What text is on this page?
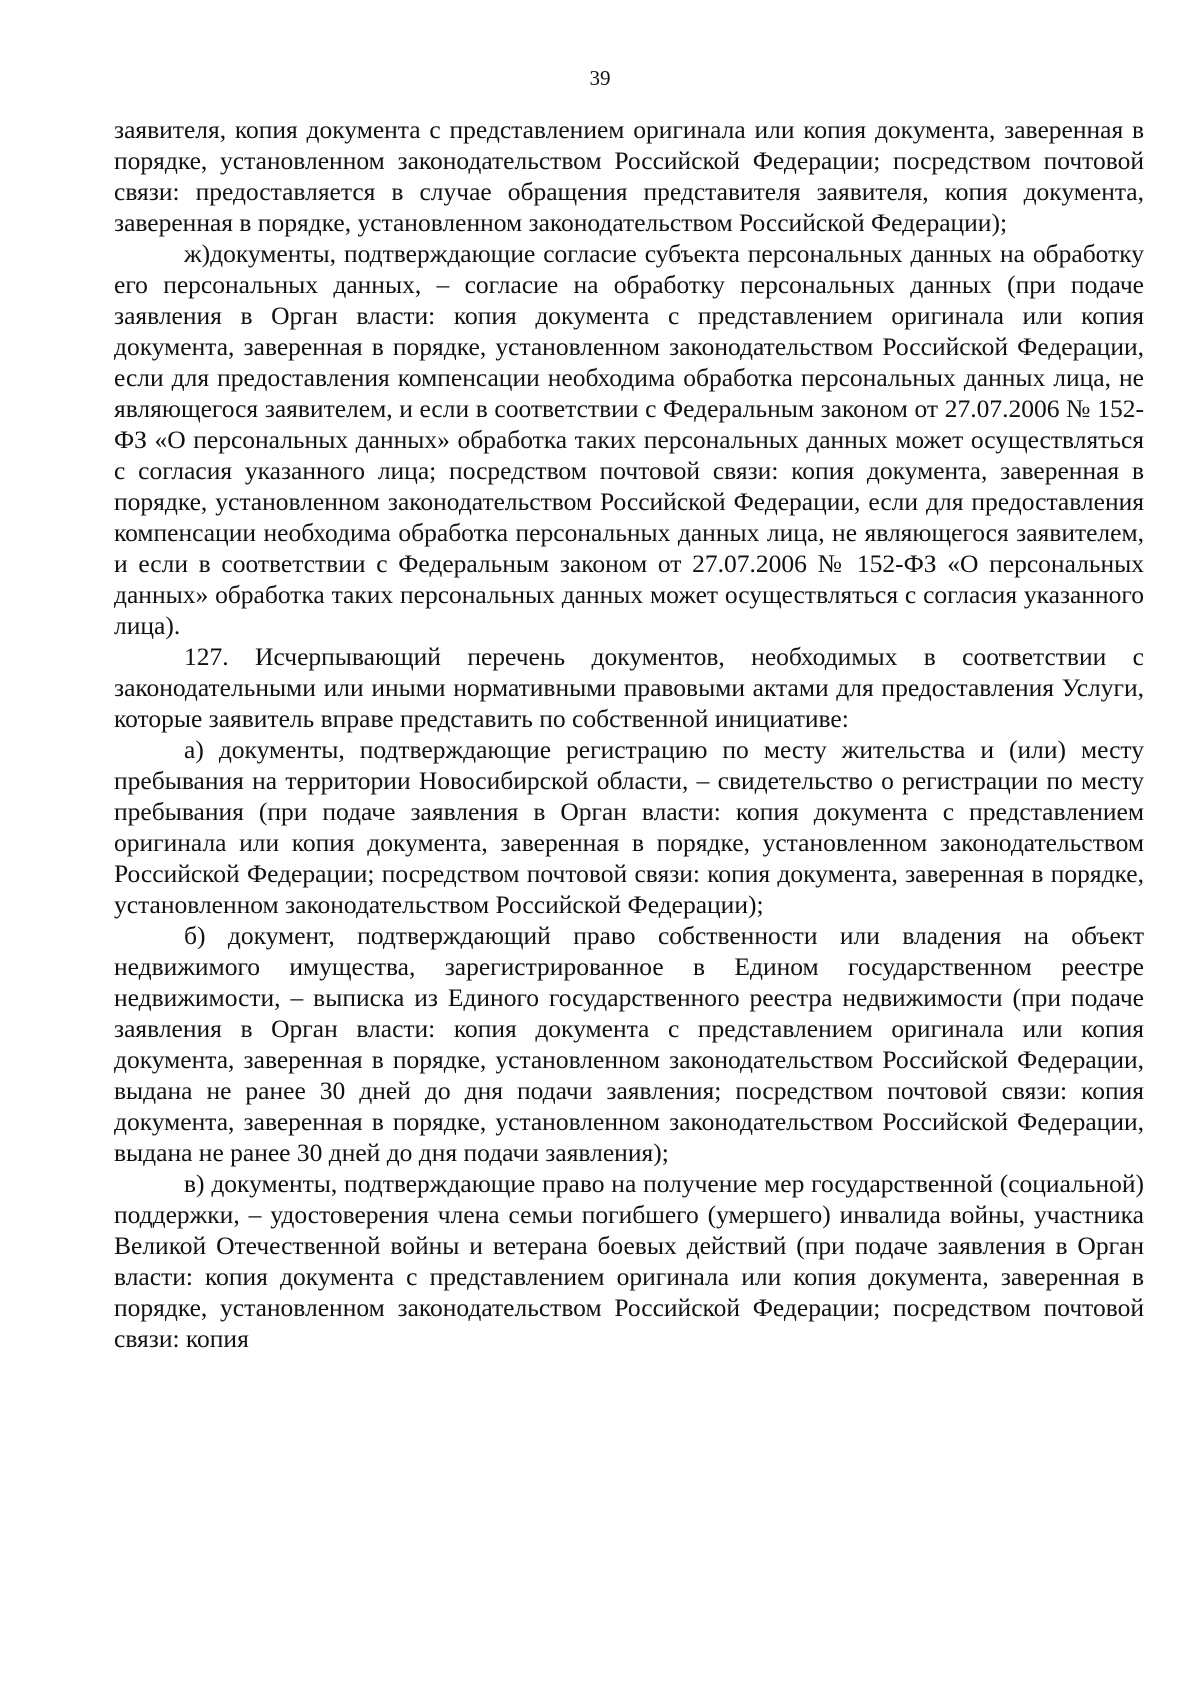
39

заявителя, копия документа с представлением оригинала или копия документа, заверенная в порядке, установленном законодательством Российской Федерации; посредством почтовой связи: предоставляется в случае обращения представителя заявителя, копия документа, заверенная в порядке, установленном законодательством Российской Федерации);

ж)документы, подтверждающие согласие субъекта персональных данных на обработку его персональных данных, – согласие на обработку персональных данных (при подаче заявления в Орган власти: копия документа с представлением оригинала или копия документа, заверенная в порядке, установленном законодательством Российской Федерации, если для предоставления компенсации необходима обработка персональных данных лица, не являющегося заявителем, и если в соответствии с Федеральным законом от 27.07.2006 № 152-ФЗ «О персональных данных» обработка таких персональных данных может осуществляться с согласия указанного лица; посредством почтовой связи: копия документа, заверенная в порядке, установленном законодательством Российской Федерации, если для предоставления компенсации необходима обработка персональных данных лица, не являющегося заявителем, и если в соответствии с Федеральным законом от 27.07.2006 № 152-ФЗ «О персональных данных» обработка таких персональных данных может осуществляться с согласия указанного лица).

127. Исчерпывающий перечень документов, необходимых в соответствии с законодательными или иными нормативными правовыми актами для предоставления Услуги, которые заявитель вправе представить по собственной инициативе:

а) документы, подтверждающие регистрацию по месту жительства и (или) месту пребывания на территории Новосибирской области, – свидетельство о регистрации по месту пребывания (при подаче заявления в Орган власти: копия документа с представлением оригинала или копия документа, заверенная в порядке, установленном законодательством Российской Федерации; посредством почтовой связи: копия документа, заверенная в порядке, установленном законодательством Российской Федерации);

б) документ, подтверждающий право собственности или владения на объект недвижимого имущества, зарегистрированное в Едином государственном реестре недвижимости, – выписка из Единого государственного реестра недвижимости (при подаче заявления в Орган власти: копия документа с представлением оригинала или копия документа, заверенная в порядке, установленном законодательством Российской Федерации, выдана не ранее 30 дней до дня подачи заявления; посредством почтовой связи: копия документа, заверенная в порядке, установленном законодательством Российской Федерации, выдана не ранее 30 дней до дня подачи заявления);

в) документы, подтверждающие право на получение мер государственной (социальной) поддержки, – удостоверения члена семьи погибшего (умершего) инвалида войны, участника Великой Отечественной войны и ветерана боевых действий (при подаче заявления в Орган власти: копия документа с представлением оригинала или копия документа, заверенная в порядке, установленном законодательством Российской Федерации; посредством почтовой связи: копия
